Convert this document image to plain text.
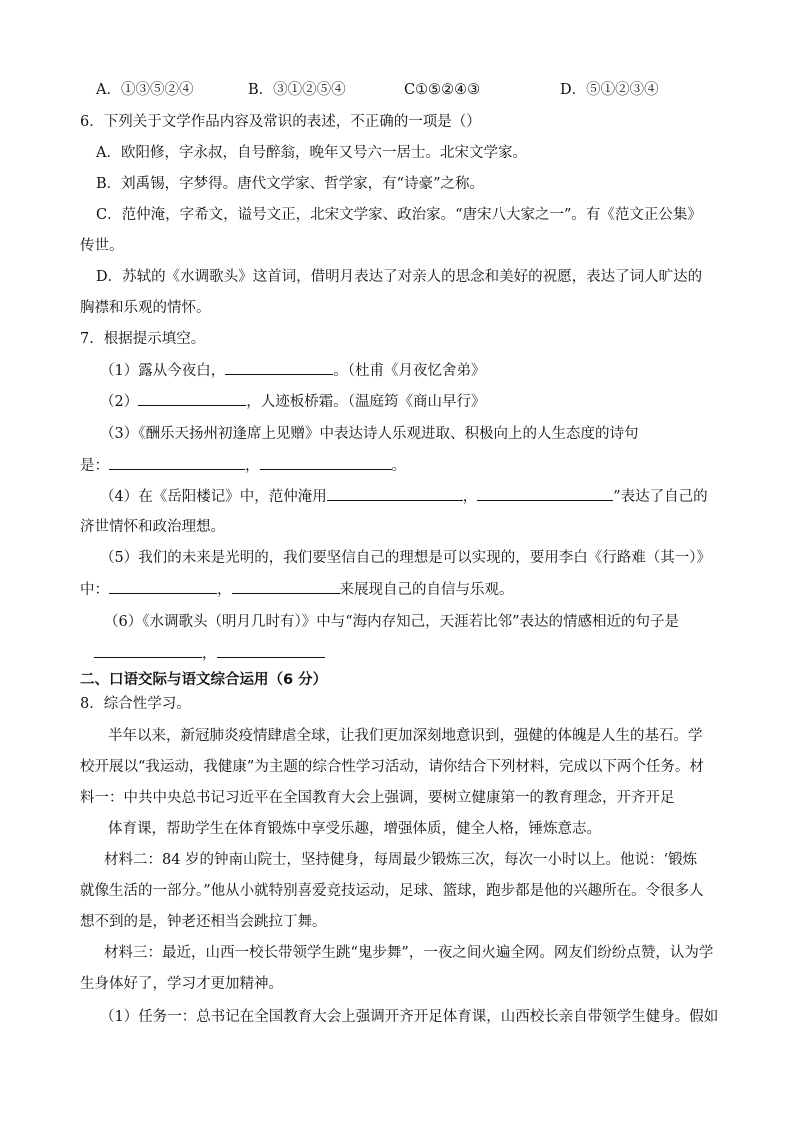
A．①③⑤②④	B．③①②⑤④	C①⑤②④③	D．⑤①②③④
6．下列关于文学作品内容及常识的表述，不正确的一项是（）
A．欧阳修，字永叔，自号醉翁，晚年又号六一居士。北宋文学家。
B．刘禹锡，字梦得。唐代文学家、哲学家，有“诗豪”之称。
C．范仲淹，字希文，谥号文正，北宋文学家、政治家。“唐宋八大家之一”。有《范文正公集》
传世。
D．苏轼的《水调歌头》这首词，借明月表达了对亲人的思念和美好的祝愿，表达了词人旷达的
胸襟和乐观的情怀。
7．根据提示填空。
（1）露从今夜白，	。（杜甫《月夜忆舍弟》
（2）	，人迹板桥霜。（温庭筠《商山早行》
（3）《酬乐天扬州初逢席上见赠》中表达诗人乐观进取、积极向上的人生态度的诗句
是：	，	。
（4）在《岳阳楼记》中，范仲淹用	，	”表达了自己的
济世情怀和政治理想。
（5）我们的未来是光明的，我们要坚信自己的理想是可以实现的，要用李白《行路难（其一）》
中：	，	来展现自己的自信与乐观。
（6）《水调歌头（明月几时有）》中与“海内存知己，天涯若比邻”表达的情感相近的句子是
，
二、口语交际与语文综合运用（6 分）
8．综合性学习。
半年以来，新冠肺炎疫情肆虐全球，让我们更加深刻地意识到，强健的体魄是人生的基石。学
校开展以“我运动，我健康”为主题的综合性学习活动，请你结合下列材料，完成以下两个任务。材
料一：中共中央总书记习近平在全国教育大会上强调，要树立健康第一的教育理念，开齐开足
体育课，帮助学生在体育锻炼中享受乐趣，增强体质，健全人格，锤炼意志。
材料二：84 岁的钟南山院士，坚持健身，每周最少锻炼三次，每次一小时以上。他说：‘锻炼
就像生活的一部分。”他从小就特别喜爱竞技运动，足球、篮球，跑步都是他的兴趣所在。令很多人
想不到的是，钟老还相当会跳拉丁舞。
材料三：最近，山西一校长带领学生跳“鬼步舞”，一夜之间火遍全网。网友们纷纷点赞，认为学
生身体好了，学习才更加精神。
（1）任务一：总书记在全国教育大会上强调开齐开足体育课，山西校长亲自带领学生健身。假如
